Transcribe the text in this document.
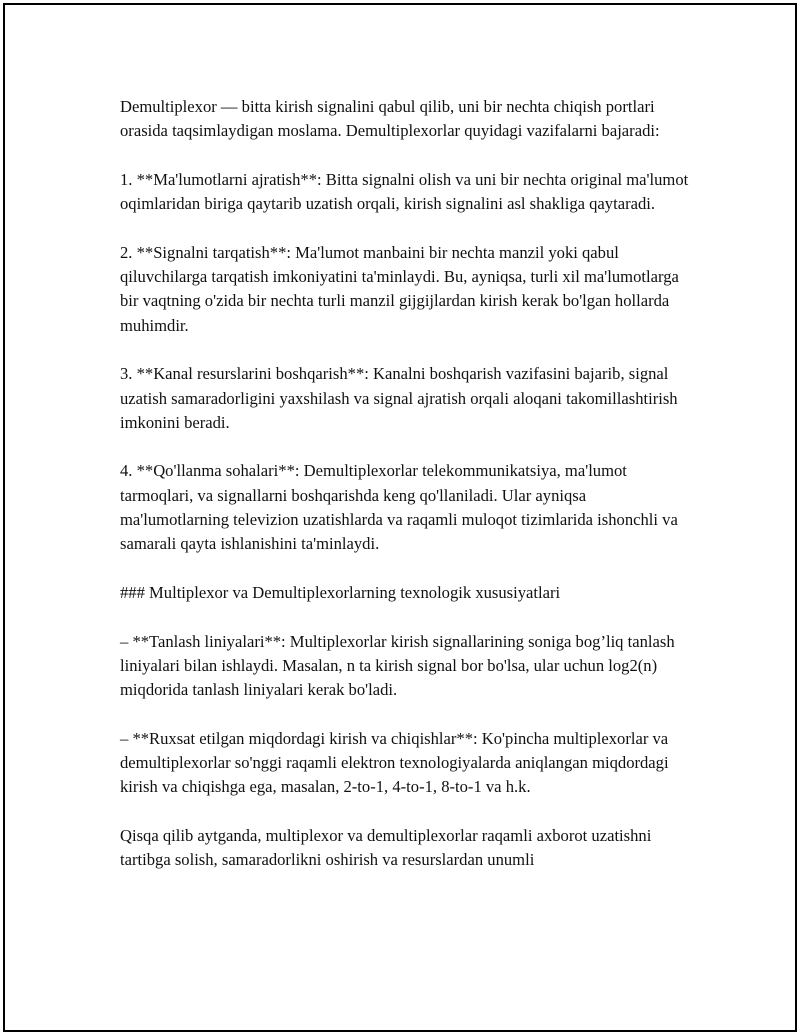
Demultiplexor — bitta kirish signalini qabul qilib, uni bir nechta chiqish portlari orasida taqsimlaydigan moslama. Demultiplexorlar quyidagi vazifalarni bajaradi:

1. **Ma'lumotlarni ajratish**: Bitta signalni olish va uni bir nechta original ma'lumot oqimlaridan biriga qaytarib uzatish orqali, kirish signalini asl shakliga qaytaradi.

2. **Signalni tarqatish**: Ma'lumot manbaini bir nechta manzil yoki qabul qiluvchilarga tarqatish imkoniyatini ta'minlaydi. Bu, ayniqsa, turli xil ma'lumotlarga bir vaqtning o'zida bir nechta turli manzil gijgijlardan kirish kerak bo'lgan hollarda muhimdir.

3. **Kanal resurslarini boshqarish**: Kanalni boshqarish vazifasini bajarib, signal uzatish samaradorligini yaxshilash va signal ajratish orqali aloqani takomillashtirish imkonini beradi.

4. **Qo'llanma sohalari**: Demultiplexorlar telekommunikatsiya, ma'lumot tarmoqlari, va signallarni boshqarishda keng qo'llaniladi. Ular ayniqsa ma'lumotlarning televizion uzatishlarda va raqamli muloqot tizimlarida ishonchli va samarali qayta ishlanishini ta'minlaydi.

### Multiplexor va Demultiplexorlarning texnologik xususiyatlari

– **Tanlash liniyalari**: Multiplexorlar kirish signallarining soniga bog’liq tanlash liniyalari bilan ishlaydi. Masalan, n ta kirish signal bor bo'lsa, ular uchun log2(n) miqdorida tanlash liniyalari kerak bo'ladi.

– **Ruxsat etilgan miqdordagi kirish va chiqishlar**: Ko'pincha multiplexorlar va demultiplexorlar so'nggi raqamli elektron texnologiyalarda aniqlangan miqdordagi kirish va chiqishga ega, masalan, 2-to-1, 4-to-1, 8-to-1 va h.k.

Qisqa qilib aytganda, multiplexor va demultiplexorlar raqamli axborot uzatishni tartibga solish, samaradorlikni oshirish va resurslardan unumli
